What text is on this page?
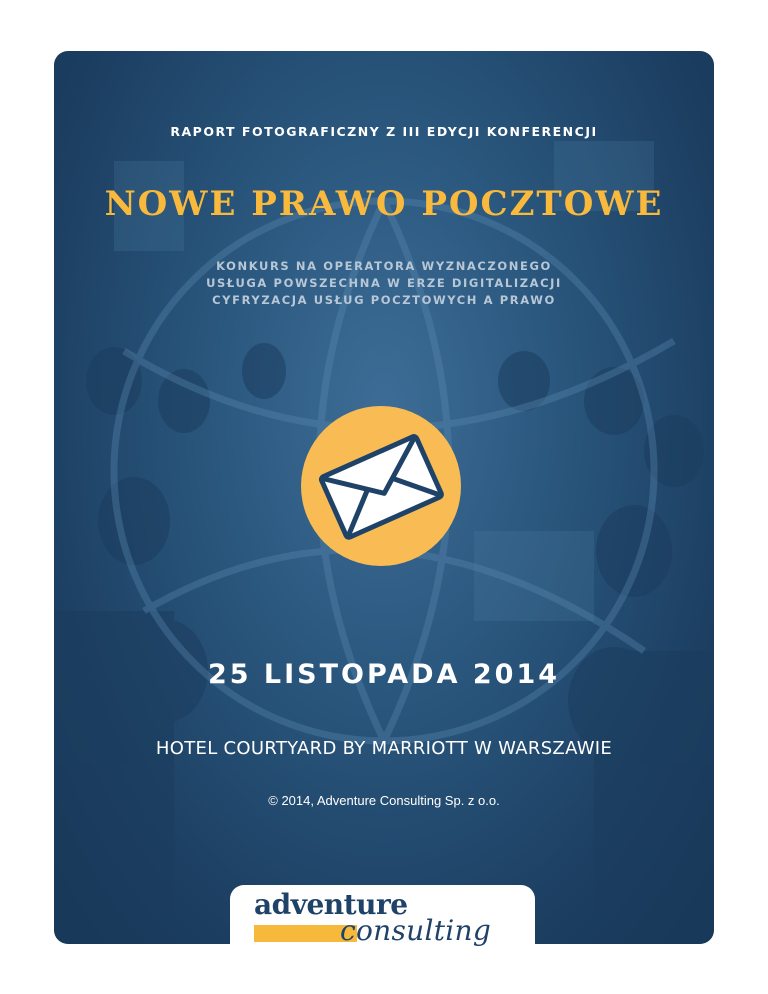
RAPORT FOTOGRAFICZNY Z III EDYCJI KONFERENCJI
NOWE PRAWO POCZTOWE
KONKURS NA OPERATORA WYZNACZONEGO
USŁUGA POWSZECHNA W ERZE DIGITALIZACJI
CYFRYZACJA USŁUG POCZTOWYCH A PRAWO
25 LISTOPADA 2014
HOTEL COURTYARD BY MARRIOTT W WARSZAWIE
© 2014, Adventure Consulting Sp. z o.o.
adventure
consulting
